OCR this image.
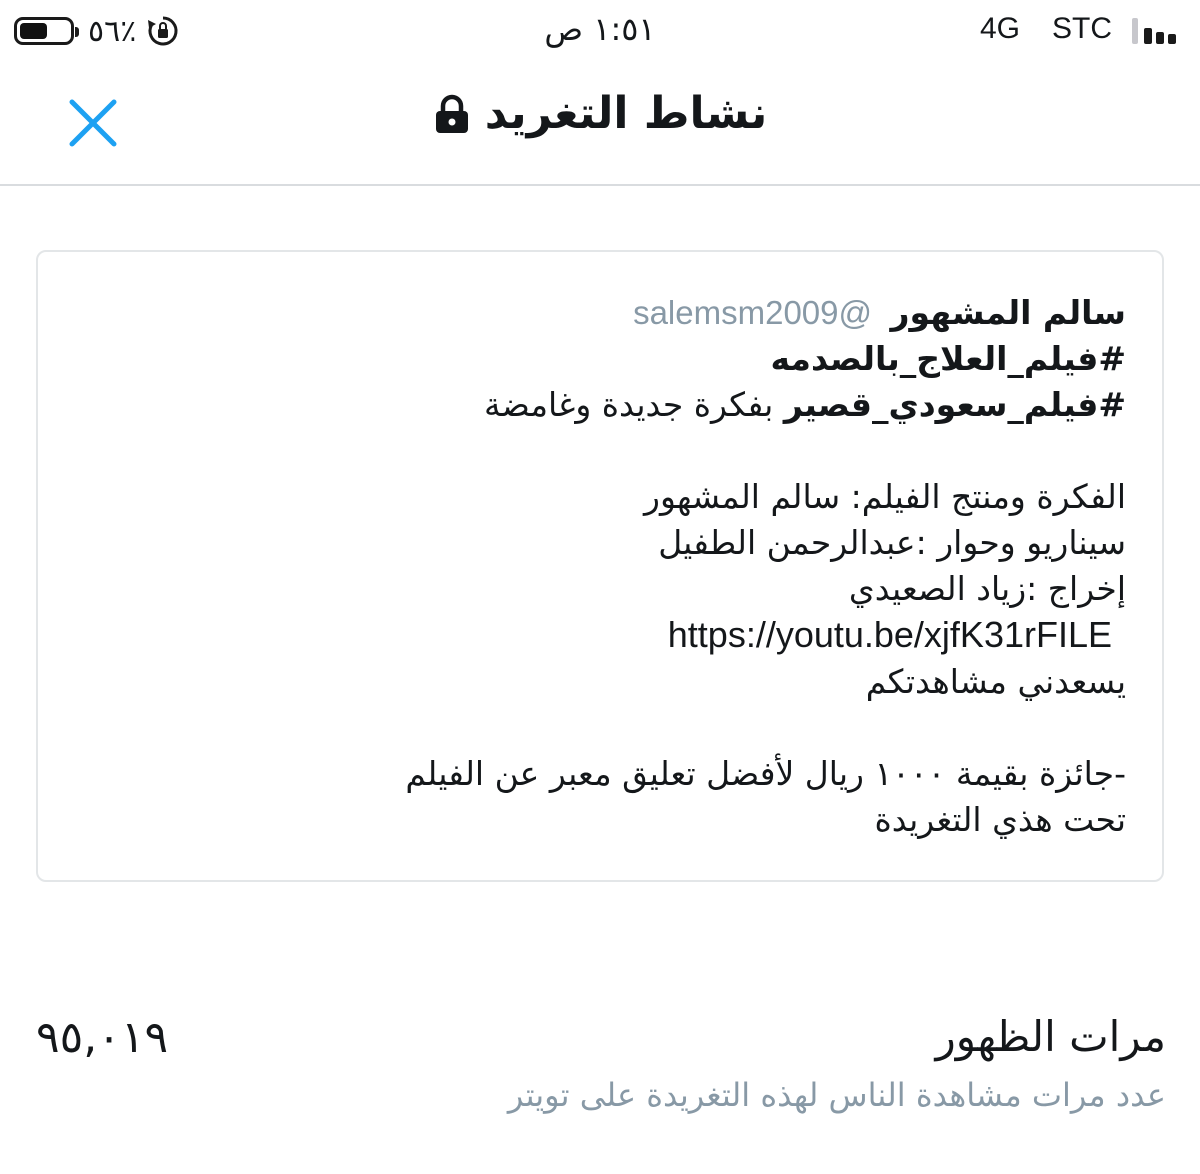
٥٦٪	١:٥١ ص	4G STC
نشاط التغريد
سالم المشهور @salemsm2009
#فيلم_العلاج_بالصدمه
#فيلم_سعودي_قصير بفكرة جديدة وغامضة
الفكرة ومنتج الفيلم: سالم المشهور
سيناريو وحوار :عبدالرحمن الطفيل
إخراج :زياد الصعيدي
https://youtu.be/xjfK31rFILE
يسعدني مشاهدتكم
-جائزة بقيمة ١٠٠٠ ريال لأفضل تعليق معبر عن الفيلم
تحت هذي التغريدة
مرات الظهور
عدد مرات مشاهدة الناس لهذه التغريدة على تويتر
٩٥,٠١٩
